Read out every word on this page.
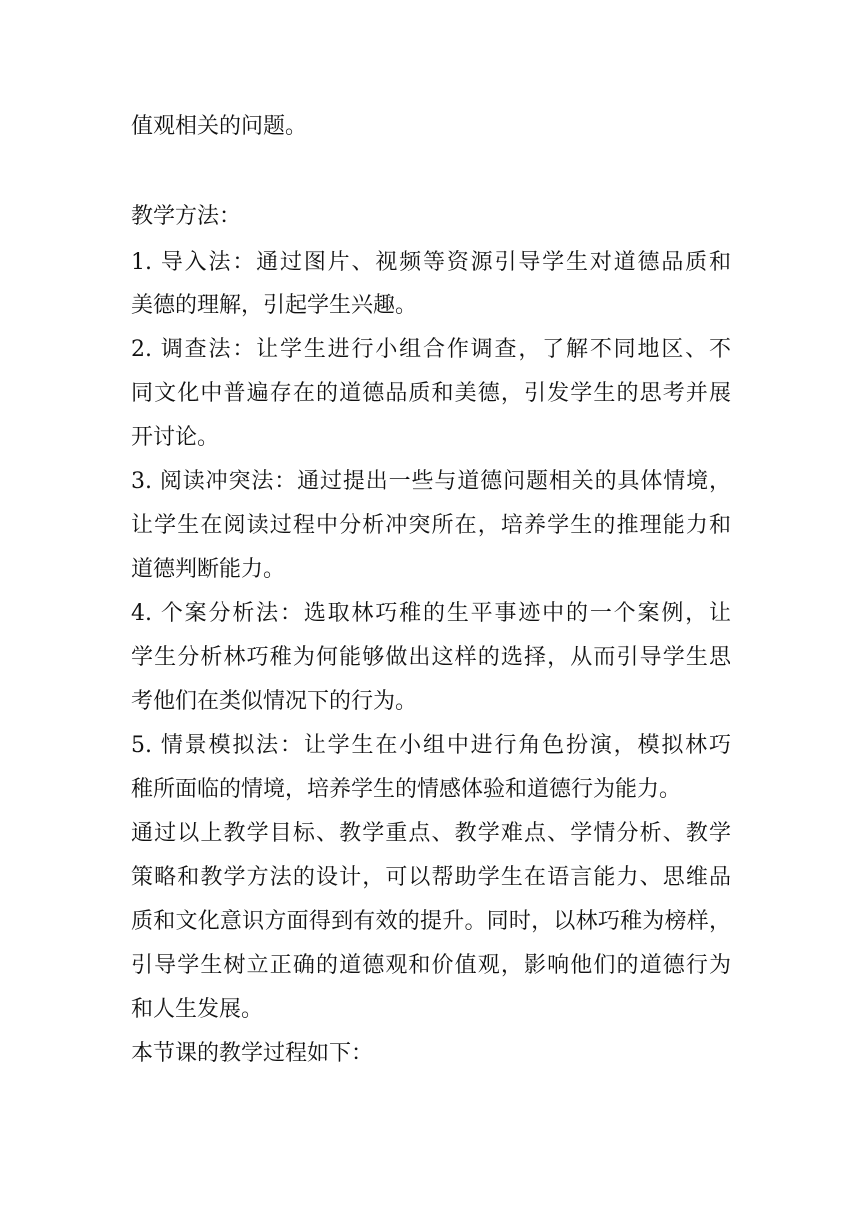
值观相关的问题。
教学方法：
1. 导入法：通过图片、视频等资源引导学生对道德品质和
美德的理解，引起学生兴趣。
2. 调查法：让学生进行小组合作调查，了解不同地区、不
同文化中普遍存在的道德品质和美德，引发学生的思考并展
开讨论。
3. 阅读冲突法：通过提出一些与道德问题相关的具体情境，
让学生在阅读过程中分析冲突所在，培养学生的推理能力和
道德判断能力。
4. 个案分析法：选取林巧稚的生平事迹中的一个案例，让
学生分析林巧稚为何能够做出这样的选择，从而引导学生思
考他们在类似情况下的行为。
5. 情景模拟法：让学生在小组中进行角色扮演，模拟林巧
稚所面临的情境，培养学生的情感体验和道德行为能力。
通过以上教学目标、教学重点、教学难点、学情分析、教学
策略和教学方法的设计，可以帮助学生在语言能力、思维品
质和文化意识方面得到有效的提升。同时，以林巧稚为榜样，
引导学生树立正确的道德观和价值观，影响他们的道德行为
和人生发展。
本节课的教学过程如下：
